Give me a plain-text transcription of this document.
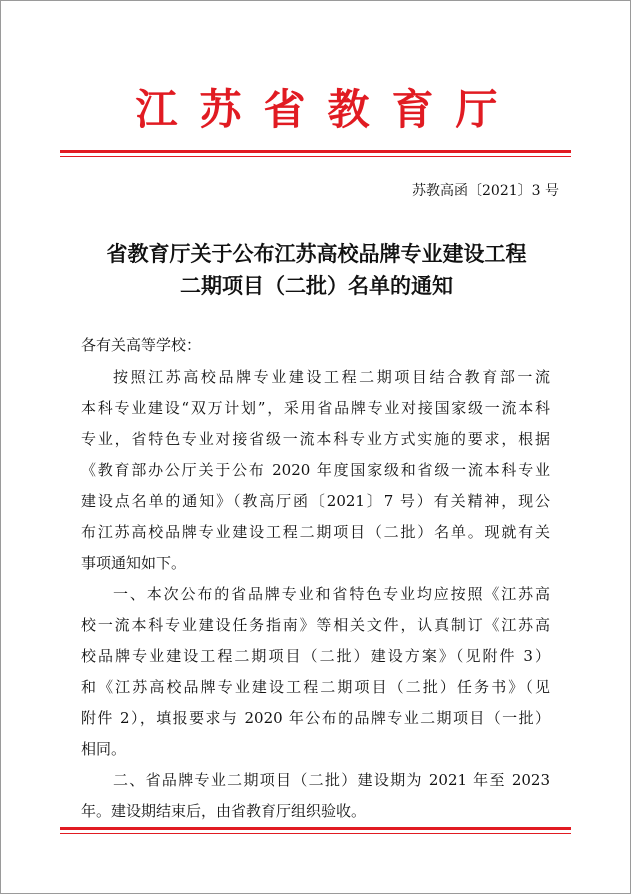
江苏省教育厅
苏教高函〔2021〕3 号
省教育厅关于公布江苏高校品牌专业建设工程
二期项目（二批）名单的通知
各有关高等学校：
按照江苏高校品牌专业建设工程二期项目结合教育部一流
本科专业建设“双万计划”，采用省品牌专业对接国家级一流本科
专业，省特色专业对接省级一流本科专业方式实施的要求，根据
《教育部办公厅关于公布 2020 年度国家级和省级一流本科专业
建设点名单的通知》（教高厅函〔2021〕7 号）有关精神，现公
布江苏高校品牌专业建设工程二期项目（二批）名单。现就有关
事项通知如下。
一、本次公布的省品牌专业和省特色专业均应按照《江苏高
校一流本科专业建设任务指南》等相关文件，认真制订《江苏高
校品牌专业建设工程二期项目（二批）建设方案》（见附件 3）
和《江苏高校品牌专业建设工程二期项目（二批）任务书》（见
附件 2），填报要求与 2020 年公布的品牌专业二期项目（一批）
相同。
二、省品牌专业二期项目（二批）建设期为 2021 年至 2023
年。建设期结束后，由省教育厅组织验收。
